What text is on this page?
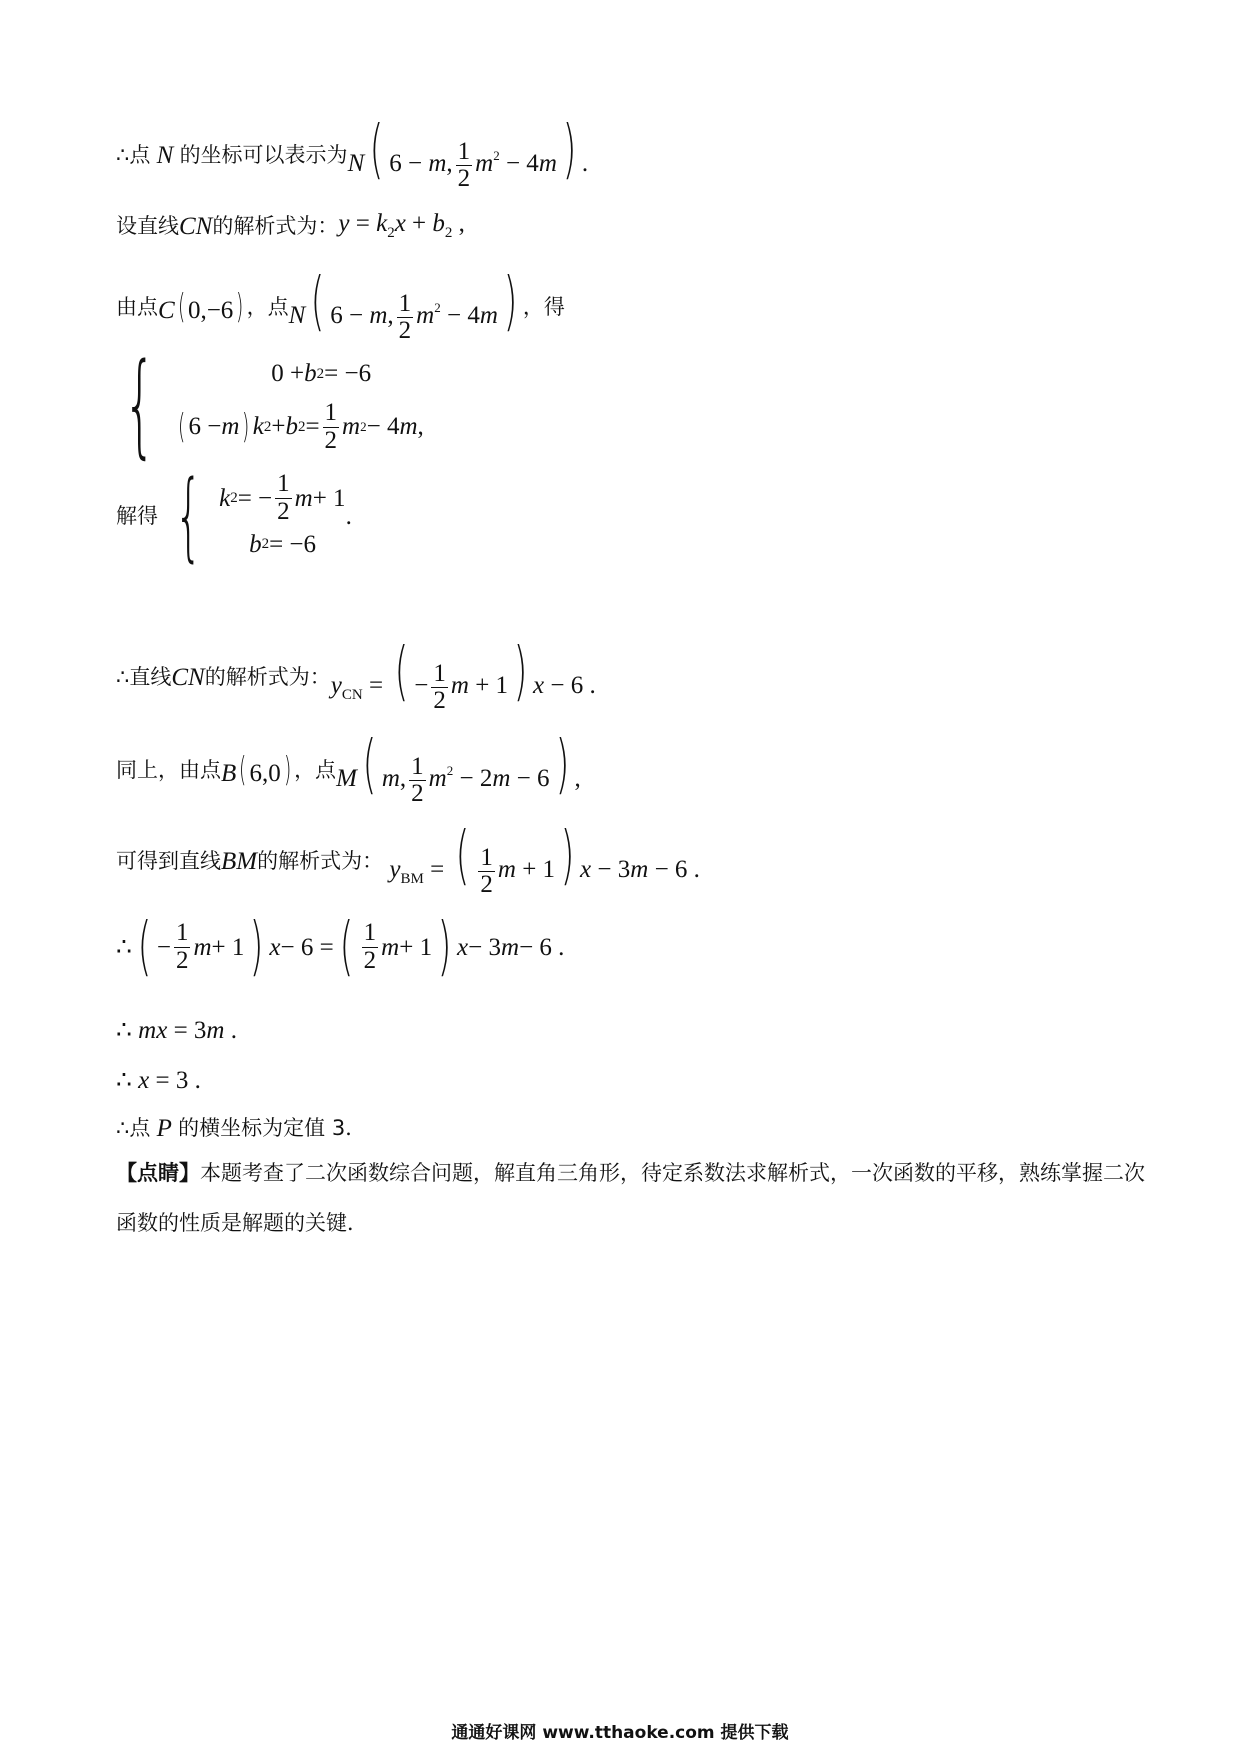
∴点 N 的坐标可以表示为 N( 6 − m, $\frac{1}{2} m^2 - 4m$) .
设直线 CN 的解析式为： $y = k_2x + b_2$ ,
由点 C( 0,−6) ，点 N( 6 − m, $\frac{1}{2} m^2 - 4m$) ，得
{	0 + b 2 = −6
( 6 − m ) k 2 + b $2 = \frac{1}{2}$ m 2 − 4 m ,
解得 { k 2 = − $\frac{1}{2}$ m + 1
b 2 = −6
.
∴直线 CN 的解析式为： $y_{CN}$ = ( − $\frac{1}{2}$ m + 1) x − 6 .
同上，由点 B( 6,0) ，点 M( m, $\frac{1}{2} m^2 - 2m - 6$) ,
可得到直线 BM 的解析式为： $y_{BM}$ = ( $\frac{1}{2}$ m + 1) x − 3m − 6 .
∴ ( − $\frac{1}{2}$ m + 1 ) x − 6 = ( $\frac{1}{2}$ m + 1 ) x − 3 m − 6 .
∴ mx = 3 m .
∴ x = 3 .
∴点 P 的横坐标为定值 3．
【点睛】本题考查了二次函数综合问题，解直角三角形，待定系数法求解析式，一次函数的平移，熟练掌握二次函数的性质是解题的关键．
通通好课网 www.tthaoke.com 提供下载
